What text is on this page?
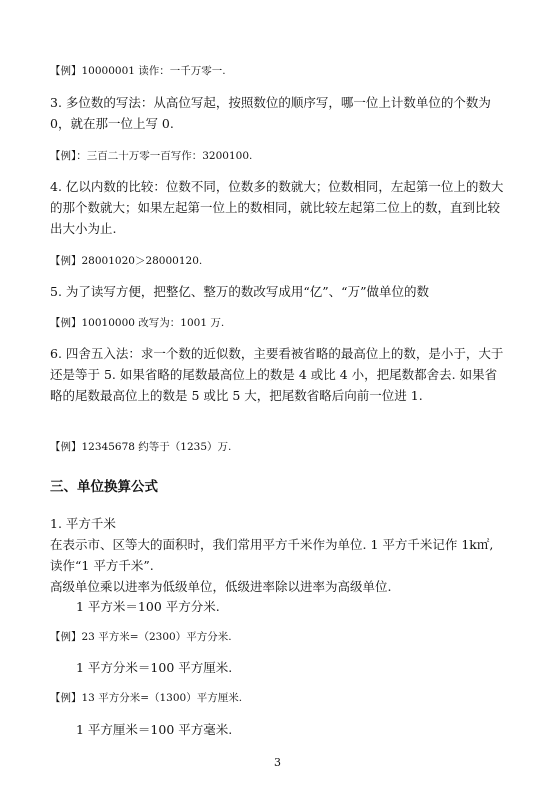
【例】10000001 读作：一千万零一.
3. 多位数的写法：从高位写起，按照数位的顺序写，哪一位上计数单位的个数为 0，就在那一位上写 0.
【例】：三百二十万零一百写作：3200100.
4. 亿以内数的比较：位数不同，位数多的数就大；位数相同，左起第一位上的数大的那个数就大；如果左起第一位上的数相同，就比较左起第二位上的数，直到比较出大小为止.
【例】28001020＞28000120.
5. 为了读写方便，把整亿、整万的数改写成用“亿”、“万”做单位的数
【例】10010000 改写为：1001 万.
6. 四舍五入法：求一个数的近似数，主要看被省略的最高位上的数，是小于，大于还是等于 5. 如果省略的尾数最高位上的数是 4 或比 4 小，把尾数都舍去. 如果省略的尾数最高位上的数是 5 或比 5 大，把尾数省略后向前一位进 1.
【例】12345678 约等于（1235）万.
三、单位换算公式
1. 平方千米
在表示市、区等大的面积时，我们常用平方千米作为单位. 1 平方千米记作 1k㎡, 读作“1 平方千米”.
高级单位乘以进率为低级单位，低级进率除以进率为高级单位.
1 平方米＝100 平方分米.
【例】23 平方米=（2300）平方分米.
1 平方分米＝100 平方厘米.
【例】13 平方分米=（1300）平方厘米.
1 平方厘米＝100 平方毫米.
3
